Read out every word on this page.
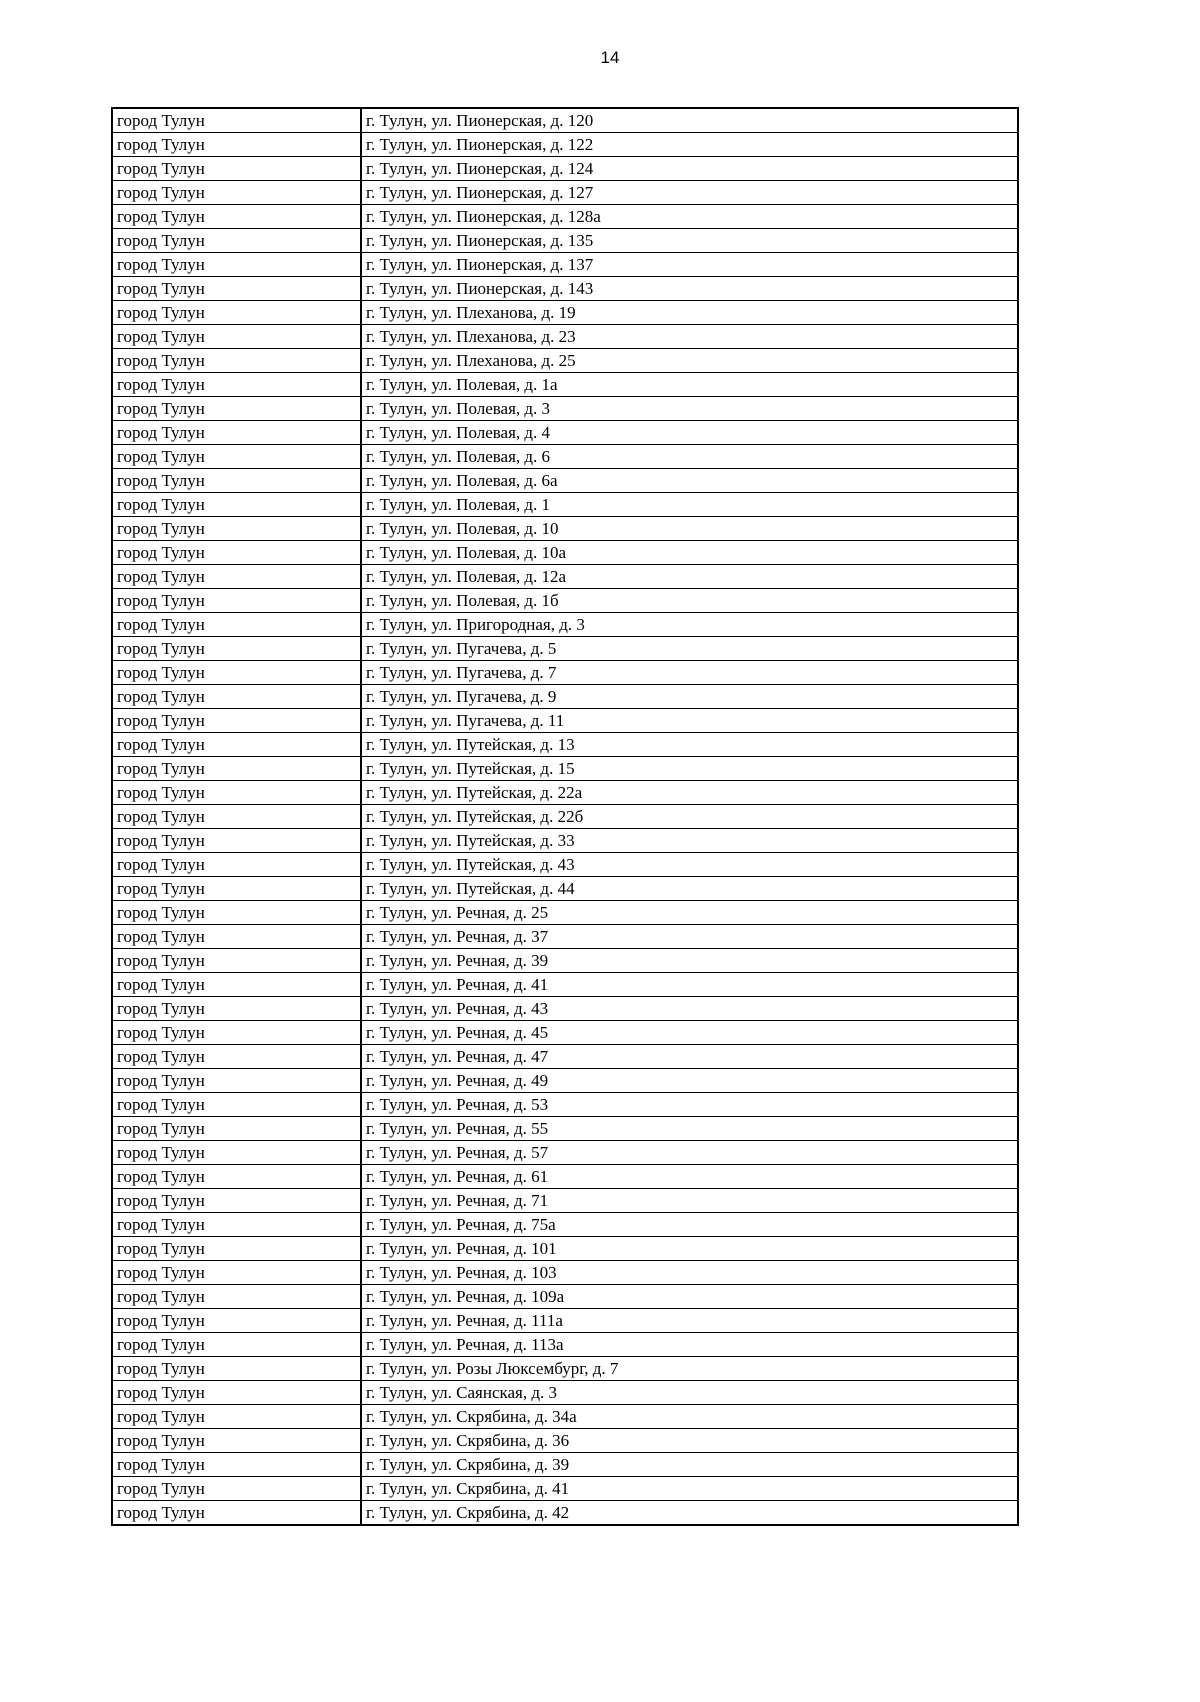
14
город Тулун	г. Тулун, ул. Пионерская, д. 120
город Тулун	г. Тулун, ул. Пионерская, д. 122
город Тулун	г. Тулун, ул. Пионерская, д. 124
город Тулун	г. Тулун, ул. Пионерская, д. 127
город Тулун	г. Тулун, ул. Пионерская, д. 128а
город Тулун	г. Тулун, ул. Пионерская, д. 135
город Тулун	г. Тулун, ул. Пионерская, д. 137
город Тулун	г. Тулун, ул. Пионерская, д. 143
город Тулун	г. Тулун, ул. Плеханова, д. 19
город Тулун	г. Тулун, ул. Плеханова, д. 23
город Тулун	г. Тулун, ул. Плеханова, д. 25
город Тулун	г. Тулун, ул. Полевая, д. 1а
город Тулун	г. Тулун, ул. Полевая, д. 3
город Тулун	г. Тулун, ул. Полевая, д. 4
город Тулун	г. Тулун, ул. Полевая, д. 6
город Тулун	г. Тулун, ул. Полевая, д. 6а
город Тулун	г. Тулун, ул. Полевая, д. 1
город Тулун	г. Тулун, ул. Полевая, д. 10
город Тулун	г. Тулун, ул. Полевая, д. 10а
город Тулун	г. Тулун, ул. Полевая, д. 12а
город Тулун	г. Тулун, ул. Полевая, д. 1б
город Тулун	г. Тулун, ул. Пригородная, д. 3
город Тулун	г. Тулун, ул. Пугачева, д. 5
город Тулун	г. Тулун, ул. Пугачева, д. 7
город Тулун	г. Тулун, ул. Пугачева, д. 9
город Тулун	г. Тулун, ул. Пугачева, д. 11
город Тулун	г. Тулун, ул. Путейская, д. 13
город Тулун	г. Тулун, ул. Путейская, д. 15
город Тулун	г. Тулун, ул. Путейская, д. 22а
город Тулун	г. Тулун, ул. Путейская, д. 22б
город Тулун	г. Тулун, ул. Путейская, д. 33
город Тулун	г. Тулун, ул. Путейская, д. 43
город Тулун	г. Тулун, ул. Путейская, д. 44
город Тулун	г. Тулун, ул. Речная, д. 25
город Тулун	г. Тулун, ул. Речная, д. 37
город Тулун	г. Тулун, ул. Речная, д. 39
город Тулун	г. Тулун, ул. Речная, д. 41
город Тулун	г. Тулун, ул. Речная, д. 43
город Тулун	г. Тулун, ул. Речная, д. 45
город Тулун	г. Тулун, ул. Речная, д. 47
город Тулун	г. Тулун, ул. Речная, д. 49
город Тулун	г. Тулун, ул. Речная, д. 53
город Тулун	г. Тулун, ул. Речная, д. 55
город Тулун	г. Тулун, ул. Речная, д. 57
город Тулун	г. Тулун, ул. Речная, д. 61
город Тулун	г. Тулун, ул. Речная, д. 71
город Тулун	г. Тулун, ул. Речная, д. 75а
город Тулун	г. Тулун, ул. Речная, д. 101
город Тулун	г. Тулун, ул. Речная, д. 103
город Тулун	г. Тулун, ул. Речная, д. 109а
город Тулун	г. Тулун, ул. Речная, д. 111а
город Тулун	г. Тулун, ул. Речная, д. 113а
город Тулун	г. Тулун, ул. Розы Люксембург, д. 7
город Тулун	г. Тулун, ул. Саянская, д. 3
город Тулун	г. Тулун, ул. Скрябина, д. 34а
город Тулун	г. Тулун, ул. Скрябина, д. 36
город Тулун	г. Тулун, ул. Скрябина, д. 39
город Тулун	г. Тулун, ул. Скрябина, д. 41
город Тулун	г. Тулун, ул. Скрябина, д. 42
